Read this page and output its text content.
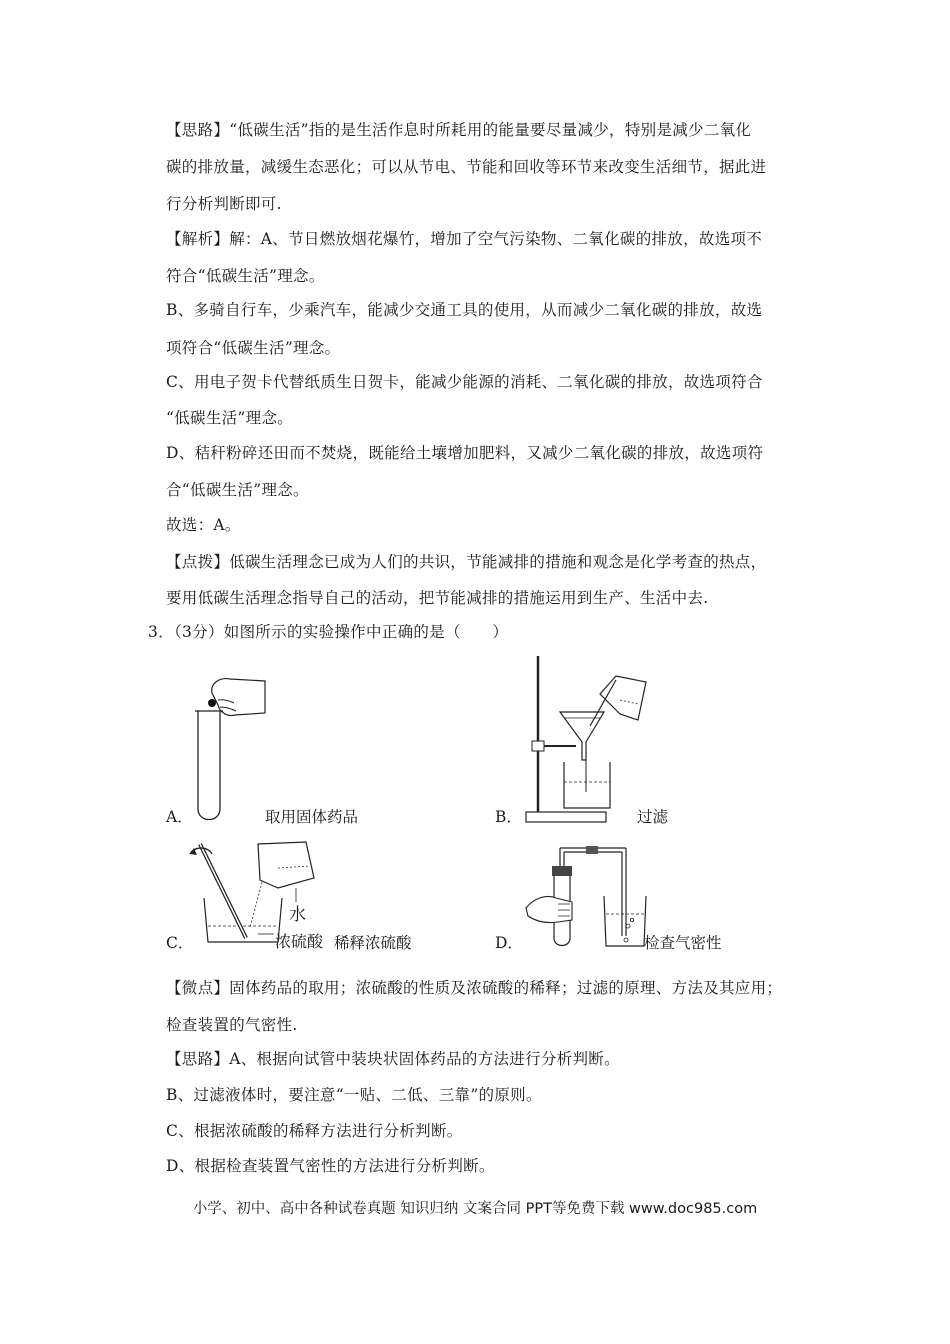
【思路】“低碳生活”指的是生活作息时所耗用的能量要尽量减少，特别是减少二氧化
碳的排放量，减缓生态恶化；可以从节电、节能和回收等环节来改变生活细节，据此进
行分析判断即可.
【解析】解：A、节日燃放烟花爆竹，增加了空气污染物、二氧化碳的排放，故选项不
符合“低碳生活”理念。
B、多骑自行车，少乘汽车，能减少交通工具的使用，从而减少二氧化碳的排放，故选
项符合“低碳生活”理念。
C、用电子贺卡代替纸质生日贺卡，能减少能源的消耗、二氧化碳的排放，故选项符合
“低碳生活”理念。
D、秸秆粉碎还田而不焚烧，既能给土壤增加肥料，又减少二氧化碳的排放，故选项符
合“低碳生活”理念。
故选：A。
【点拨】低碳生活理念已成为人们的共识，节能减排的措施和观念是化学考查的热点，
要用低碳生活理念指导自己的活动，把节能减排的措施运用到生产、生活中去.
3．（3分）如图所示的实验操作中正确的是（　　）
A．	取用固体药品	B．	过滤
水
浓硫酸
C．	稀释浓硫酸	D．	检查气密性
【微点】固体药品的取用；浓硫酸的性质及浓硫酸的稀释；过滤的原理、方法及其应用；
检查装置的气密性.
【思路】A、根据向试管中装块状固体药品的方法进行分析判断。
B、过滤液体时，要注意“一贴、二低、三靠”的原则。
C、根据浓硫酸的稀释方法进行分析判断。
D、根据检查装置气密性的方法进行分析判断。
小学、初中、高中各种试卷真题 知识归纳 文案合同 PPT等免费下载 www.doc985.com
